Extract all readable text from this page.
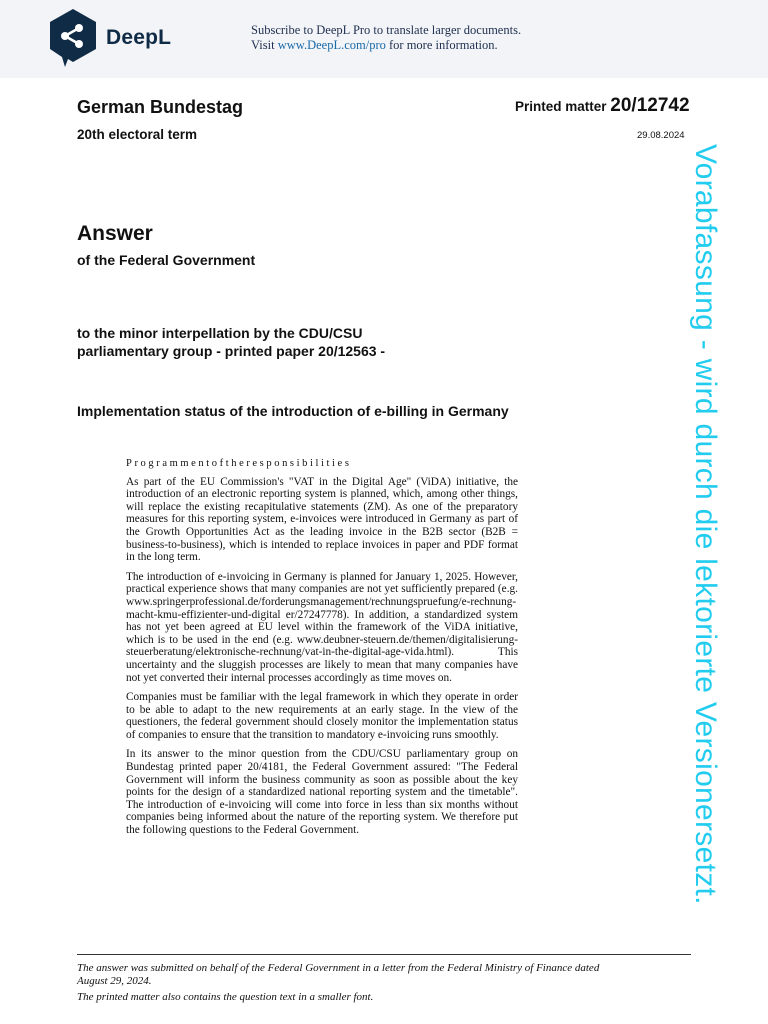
DeepL	Subscribe to DeepL Pro to translate larger documents.
Visit www.DeepL.com/pro for more information.
German Bundestag
20th electoral term
Printed matter 20/12742
29.08.2024
Answer
of the Federal Government
to the minor interpellation by the CDU/CSU
parliamentary group - printed paper 20/12563 -
Implementation status of the introduction of e-billing in Germany
Programmentoftheresponsibilities

As part of the EU Commission's "VAT in the Digital Age" (ViDA) initiative, the introduction of an electronic reporting system is planned, which, among other things, will replace the existing recapitulative statements (ZM). As one of the preparatory measures for this reporting system, e-invoices were introduced in Germany as part of the Growth Opportunities Act as the leading invoice in the B2B sector (B2B = business-to-business), which is intended to replace invoices in paper and PDF format in the long term.

The introduction of e-invoicing in Germany is planned for January 1, 2025. However, practical experience shows that many companies are not yet sufficiently prepared (e.g. www.springerprofessional.de/forderungsmanagement/rechnungspruefung/e-rechnung-macht-kmu-effizienter-und-digital er/27247778). In addition, a standardized system has not yet been agreed at EU level within the framework of the ViDA initiative, which is to be used in the end (e.g. www.deubner-steuern.de/themen/digitalisierung-steuerberatung/elektronische-rechnung/vat-in-the-digital-age-vida.html). This uncertainty and the sluggish processes are likely to mean that many companies have not yet converted their internal processes accordingly as time moves on.

Companies must be familiar with the legal framework in which they operate in order to be able to adapt to the new requirements at an early stage. In the view of the questioners, the federal government should closely monitor the implementation status of companies to ensure that the transition to mandatory e-invoicing runs smoothly.

In its answer to the minor question from the CDU/CSU parliamentary group on Bundestag printed paper 20/4181, the Federal Government assured: "The Federal Government will inform the business community as soon as possible about the key points for the design of a standardized national reporting system and the timetable". The introduction of e-invoicing will come into force in less than six months without companies being informed about the nature of the reporting system. We therefore put the following questions to the Federal Government.

The answer was submitted on behalf of the Federal Government in a letter from the Federal Ministry of Finance dated August 29, 2024.
The printed matter also contains the question text in a smaller font.
Vorabfassung - wird durch die lektorierte Versionersetzt.
